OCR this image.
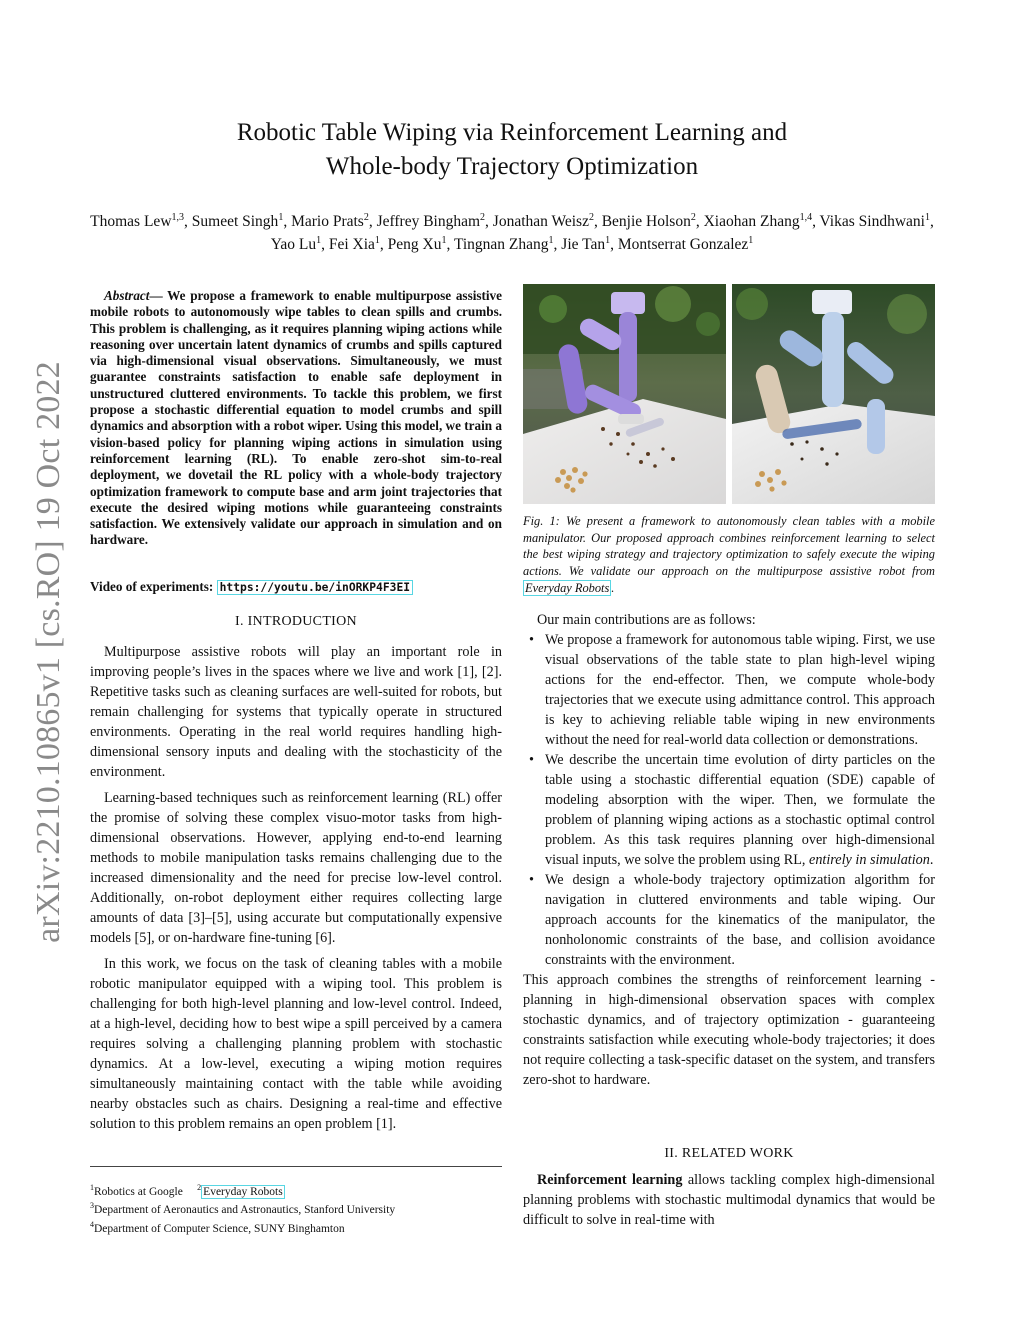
Robotic Table Wiping via Reinforcement Learning and
Whole-body Trajectory Optimization
Thomas Lew$^{1,3}$, Sumeet Singh$^1$, Mario Prats$^2$, Jeffrey Bingham$^2$, Jonathan Weisz$^2$, Benjie Holson$^2$, Xiaohan Zhang$^{1,4}$, Vikas Sindhwani$^1$, Yao Lu$^1$, Fei Xia$^1$, Peng Xu$^1$, Tingnan Zhang$^1$, Jie Tan$^1$, Montserrat Gonzalez$^1$
arXiv:2210.10865v1 [cs.RO] 19 Oct 2022

Abstract— We propose a framework to enable multipurpose assistive mobile robots to autonomously wipe tables to clean spills and crumbs. This problem is challenging, as it requires planning wiping actions while reasoning over uncertain latent dynamics of crumbs and spills captured via high-dimensional visual observations. Simultaneously, we must guarantee constraints satisfaction to enable safe deployment in unstructured cluttered environments. To tackle this problem, we first propose a stochastic differential equation to model crumbs and spill dynamics and absorption with a robot wiper. Using this model, we train a vision-based policy for planning wiping actions in simulation using reinforcement learning (RL). To enable zero-shot sim-to-real deployment, we dovetail the RL policy with a whole-body trajectory optimization framework to compute base and arm joint trajectories that execute the desired wiping motions while guaranteeing constraints satisfaction. We extensively validate our approach in simulation and on hardware.

Video of experiments: https://youtu.be/inORKP4F3EI

I. INTRODUCTION

Multipurpose assistive robots will play an important role in improving people’s lives in the spaces where we live and work [1], [2]. Repetitive tasks such as cleaning surfaces are well-suited for robots, but remain challenging for systems that typically operate in structured environments. Operating in the real world requires handling high-dimensional sensory inputs and dealing with the stochasticity of the environment.

Learning-based techniques such as reinforcement learning (RL) offer the promise of solving these complex visuo-motor tasks from high-dimensional observations. However, applying end-to-end learning methods to mobile manipulation tasks remains challenging due to the increased dimensionality and the need for precise low-level control. Additionally, on-robot deployment either requires collecting large amounts of data [3]–[5], using accurate but computationally expensive models [5], or on-hardware fine-tuning [6].

In this work, we focus on the task of cleaning tables with a mobile robotic manipulator equipped with a wiping tool. This problem is challenging for both high-level planning and low-level control. Indeed, at a high-level, deciding how to best wipe a spill perceived by a camera requires solving a challenging planning problem with stochastic dynamics. At a low-level, executing a wiping motion requires simultaneously maintaining contact with the table while avoiding nearby obstacles such as chairs. Designing a real-time and effective solution to this problem remains an open problem [1].

$^1$Robotics at Google $^2$ Everyday Robots
$^3$Department of Aeronautics and Astronautics, Stanford University
$^4$Department of Computer Science, SUNY Binghamton
Fig. 1: We present a framework to autonomously clean tables with a mobile manipulator. Our proposed approach combines reinforcement learning to select the best wiping strategy and trajectory optimization to safely execute the wiping actions. We validate our approach on the multipurpose assistive robot from Everyday Robots .

Our main contributions are as follows:

• We propose a framework for autonomous table wiping. First, we use visual observations of the table state to plan high-level wiping actions for the end-effector. Then, we compute whole-body trajectories that we execute using admittance control. This approach is key to achieving reliable table wiping in new environments without the need for real-world data collection or demonstrations.
• We describe the uncertain time evolution of dirty particles on the table using a stochastic differential equation (SDE) capable of modeling absorption with the wiper. Then, we formulate the problem of planning wiping actions as a stochastic optimal control problem. As this task requires planning over high-dimensional visual inputs, we solve the problem using RL, entirely in simulation.
• We design a whole-body trajectory optimization algorithm for navigation in cluttered environments and table wiping. Our approach accounts for the kinematics of the manipulator, the nonholonomic constraints of the base, and collision avoidance constraints with the environment.

This approach combines the strengths of reinforcement learning - planning in high-dimensional observation spaces with complex stochastic dynamics, and of trajectory optimization - guaranteeing constraints satisfaction while executing whole-body trajectories; it does not require collecting a task-specific dataset on the system, and transfers zero-shot to hardware.

II. RELATED WORK

Reinforcement learning allows tackling complex high-dimensional planning problems with stochastic multimodal dynamics that would be difficult to solve in real-time with
